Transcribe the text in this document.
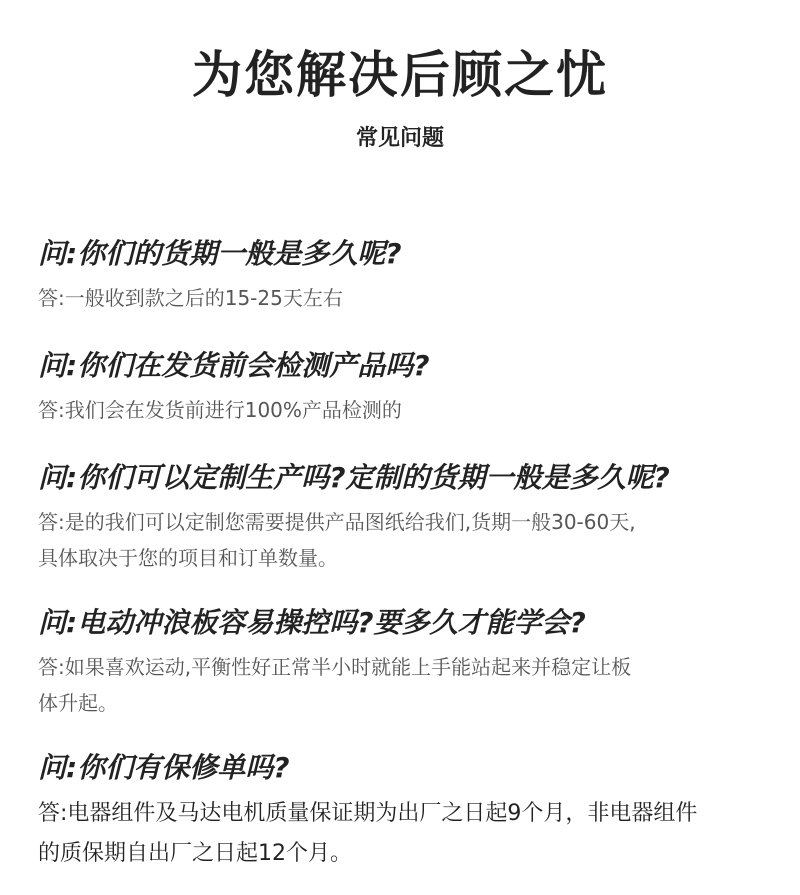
为您解决后顾之忧
常见问题

问:你们的货期一般是多久呢?

答:一般收到款之后的15-25天左右

问:你们在发货前会检测产品吗?

答:我们会在发货前进行100%产品检测的

问:你们可以定制生产吗?定制的货期一般是多久呢?

答:是的我们可以定制您需要提供产品图纸给我们,货期一般30-60天,
具体取决于您的项目和订单数量。

问:电动冲浪板容易操控吗?要多久才能学会?

答:如果喜欢运动,平衡性好正常半小时就能上手能站起来并稳定让板
体升起。

问:你们有保修单吗?

答:电器组件及马达电机质量保证期为出厂之日起9个月，非电器组件
的质保期自出厂之日起12个月。
